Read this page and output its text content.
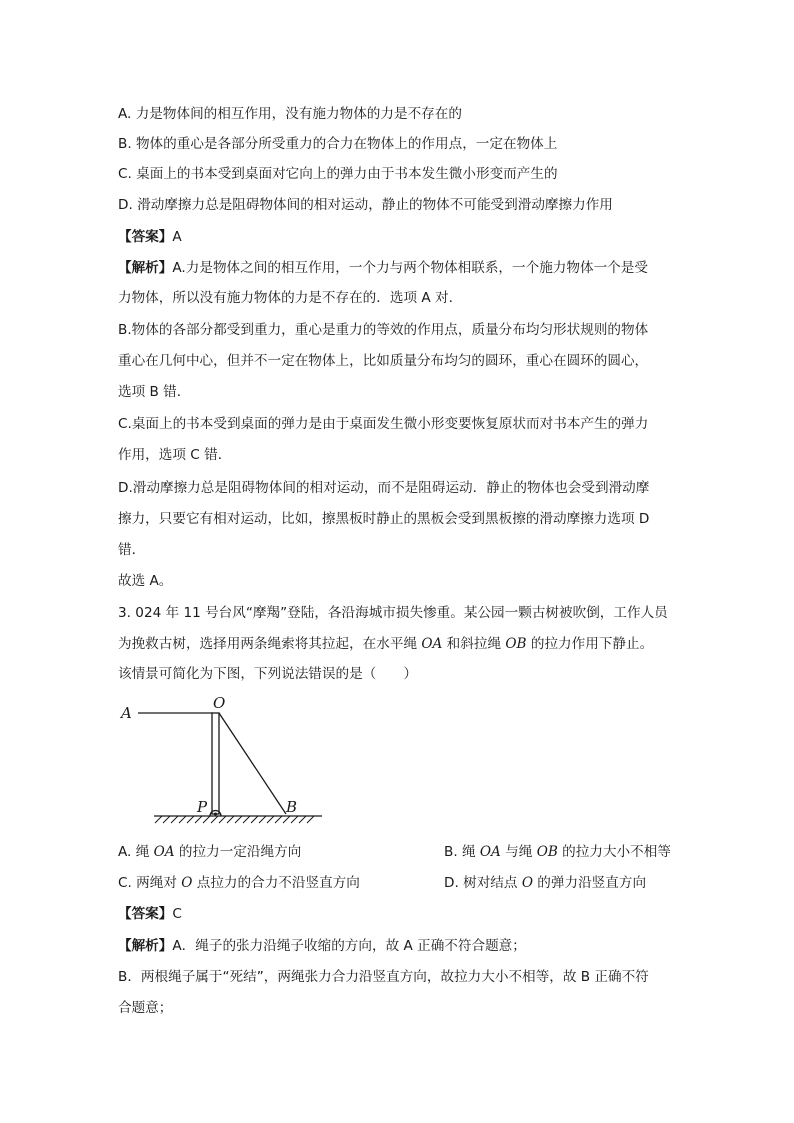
A. 力是物体间的相互作用，没有施力物体的力是不存在的
B. 物体的重心是各部分所受重力的合力在物体上的作用点，一定在物体上
C. 桌面上的书本受到桌面对它向上的弹力由于书本发生微小形变而产生的
D. 滑动摩擦力总是阻碍物体间的相对运动，静止的物体不可能受到滑动摩擦力作用
【答案】A
【解析】A.力是物体之间的相互作用，一个力与两个物体相联系，一个施力物体一个是受
力物体，所以没有施力物体的力是不存在的．选项 A 对．
B.物体的各部分都受到重力，重心是重力的等效的作用点，质量分布均匀形状规则的物体
重心在几何中心，但并不一定在物体上，比如质量分布均匀的圆环，重心在圆环的圆心，
选项 B 错．
C.桌面上的书本受到桌面的弹力是由于桌面发生微小形变要恢复原状而对书本产生的弹力
作用，选项 C 错．
D.滑动摩擦力总是阻碍物体间的相对运动，而不是阻碍运动．静止的物体也会受到滑动摩
擦力，只要它有相对运动，比如，擦黑板时静止的黑板会受到黑板擦的滑动摩擦力选项 D
错．
故选 A。
3. 024 年 11 号台风“摩羯”登陆，各沿海城市损失惨重。某公园一颗古树被吹倒，工作人员
为挽救古树，选择用两条绳索将其拉起，在水平绳 OA 和斜拉绳 OB 的拉力作用下静止。
该情景可简化为下图，下列说法错误的是（　　）
A
O
P	B
A. 绳 OA 的拉力一定沿绳方向	B. 绳 OA 与绳 OB 的拉力大小不相等
C. 两绳对 O 点拉力的合力不沿竖直方向	D. 树对结点 O 的弹力沿竖直方向
【答案】C
【解析】A．绳子的张力沿绳子收缩的方向，故 A 正确不符合题意；
B．两根绳子属于“死结”，两绳张力合力沿竖直方向，故拉力大小不相等，故 B 正确不符
合题意；
